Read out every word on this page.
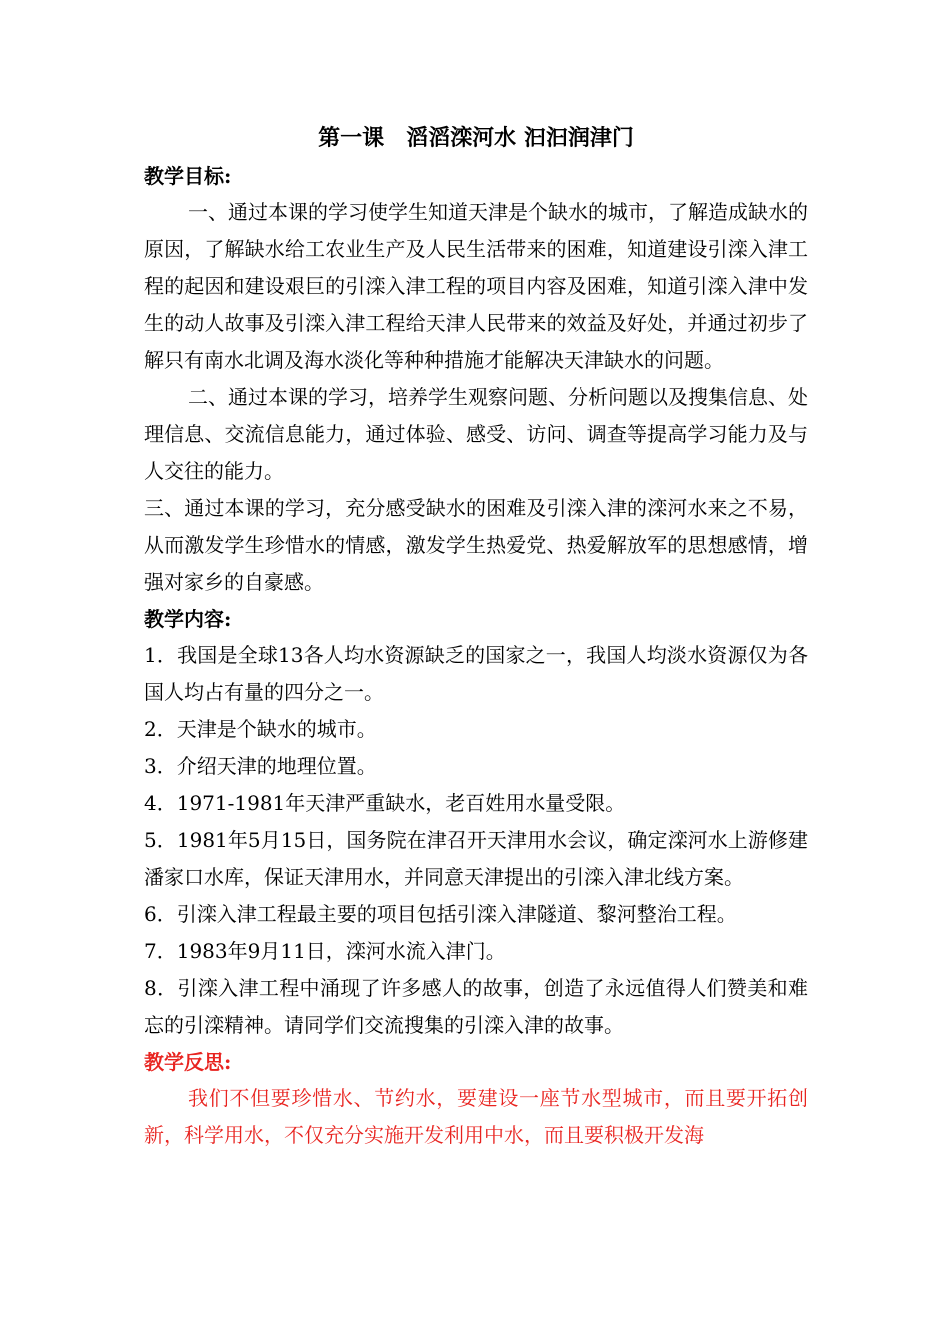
第一课　滔滔滦河水 汩汩润津门
教学目标:

一、通过本课的学习使学生知道天津是个缺水的城市，了解造成缺水的原因，了解缺水给工农业生产及人民生活带来的困难，知道建设引滦入津工程的起因和建设艰巨的引滦入津工程的项目内容及困难，知道引滦入津中发生的动人故事及引滦入津工程给天津人民带来的效益及好处，并通过初步了解只有南水北调及海水淡化等种种措施才能解决天津缺水的问题。

二、通过本课的学习，培养学生观察问题、分析问题以及搜集信息、处理信息、交流信息能力，通过体验、感受、访问、调查等提高学习能力及与人交往的能力。

三、通过本课的学习，充分感受缺水的困难及引滦入津的滦河水来之不易，从而激发学生珍惜水的情感，激发学生热爱党、热爱解放军的思想感情，增强对家乡的自豪感。

教学内容:

1．我国是全球13各人均水资源缺乏的国家之一，我国人均淡水资源仅为各国人均占有量的四分之一。

2．天津是个缺水的城市。

3．介绍天津的地理位置。

4．1971-1981年天津严重缺水，老百姓用水量受限。

5．1981年5月15日，国务院在津召开天津用水会议，确定滦河水上游修建潘家口水库，保证天津用水，并同意天津提出的引滦入津北线方案。

6．引滦入津工程最主要的项目包括引滦入津隧道、黎河整治工程。

7．1983年9月11日，滦河水流入津门。

8．引滦入津工程中涌现了许多感人的故事，创造了永远值得人们赞美和难忘的引滦精神。请同学们交流搜集的引滦入津的故事。

教学反思:

我们不但要珍惜水、节约水，要建设一座节水型城市，而且要开拓创新，科学用水，不仅充分实施开发利用中水，而且要积极开发海
